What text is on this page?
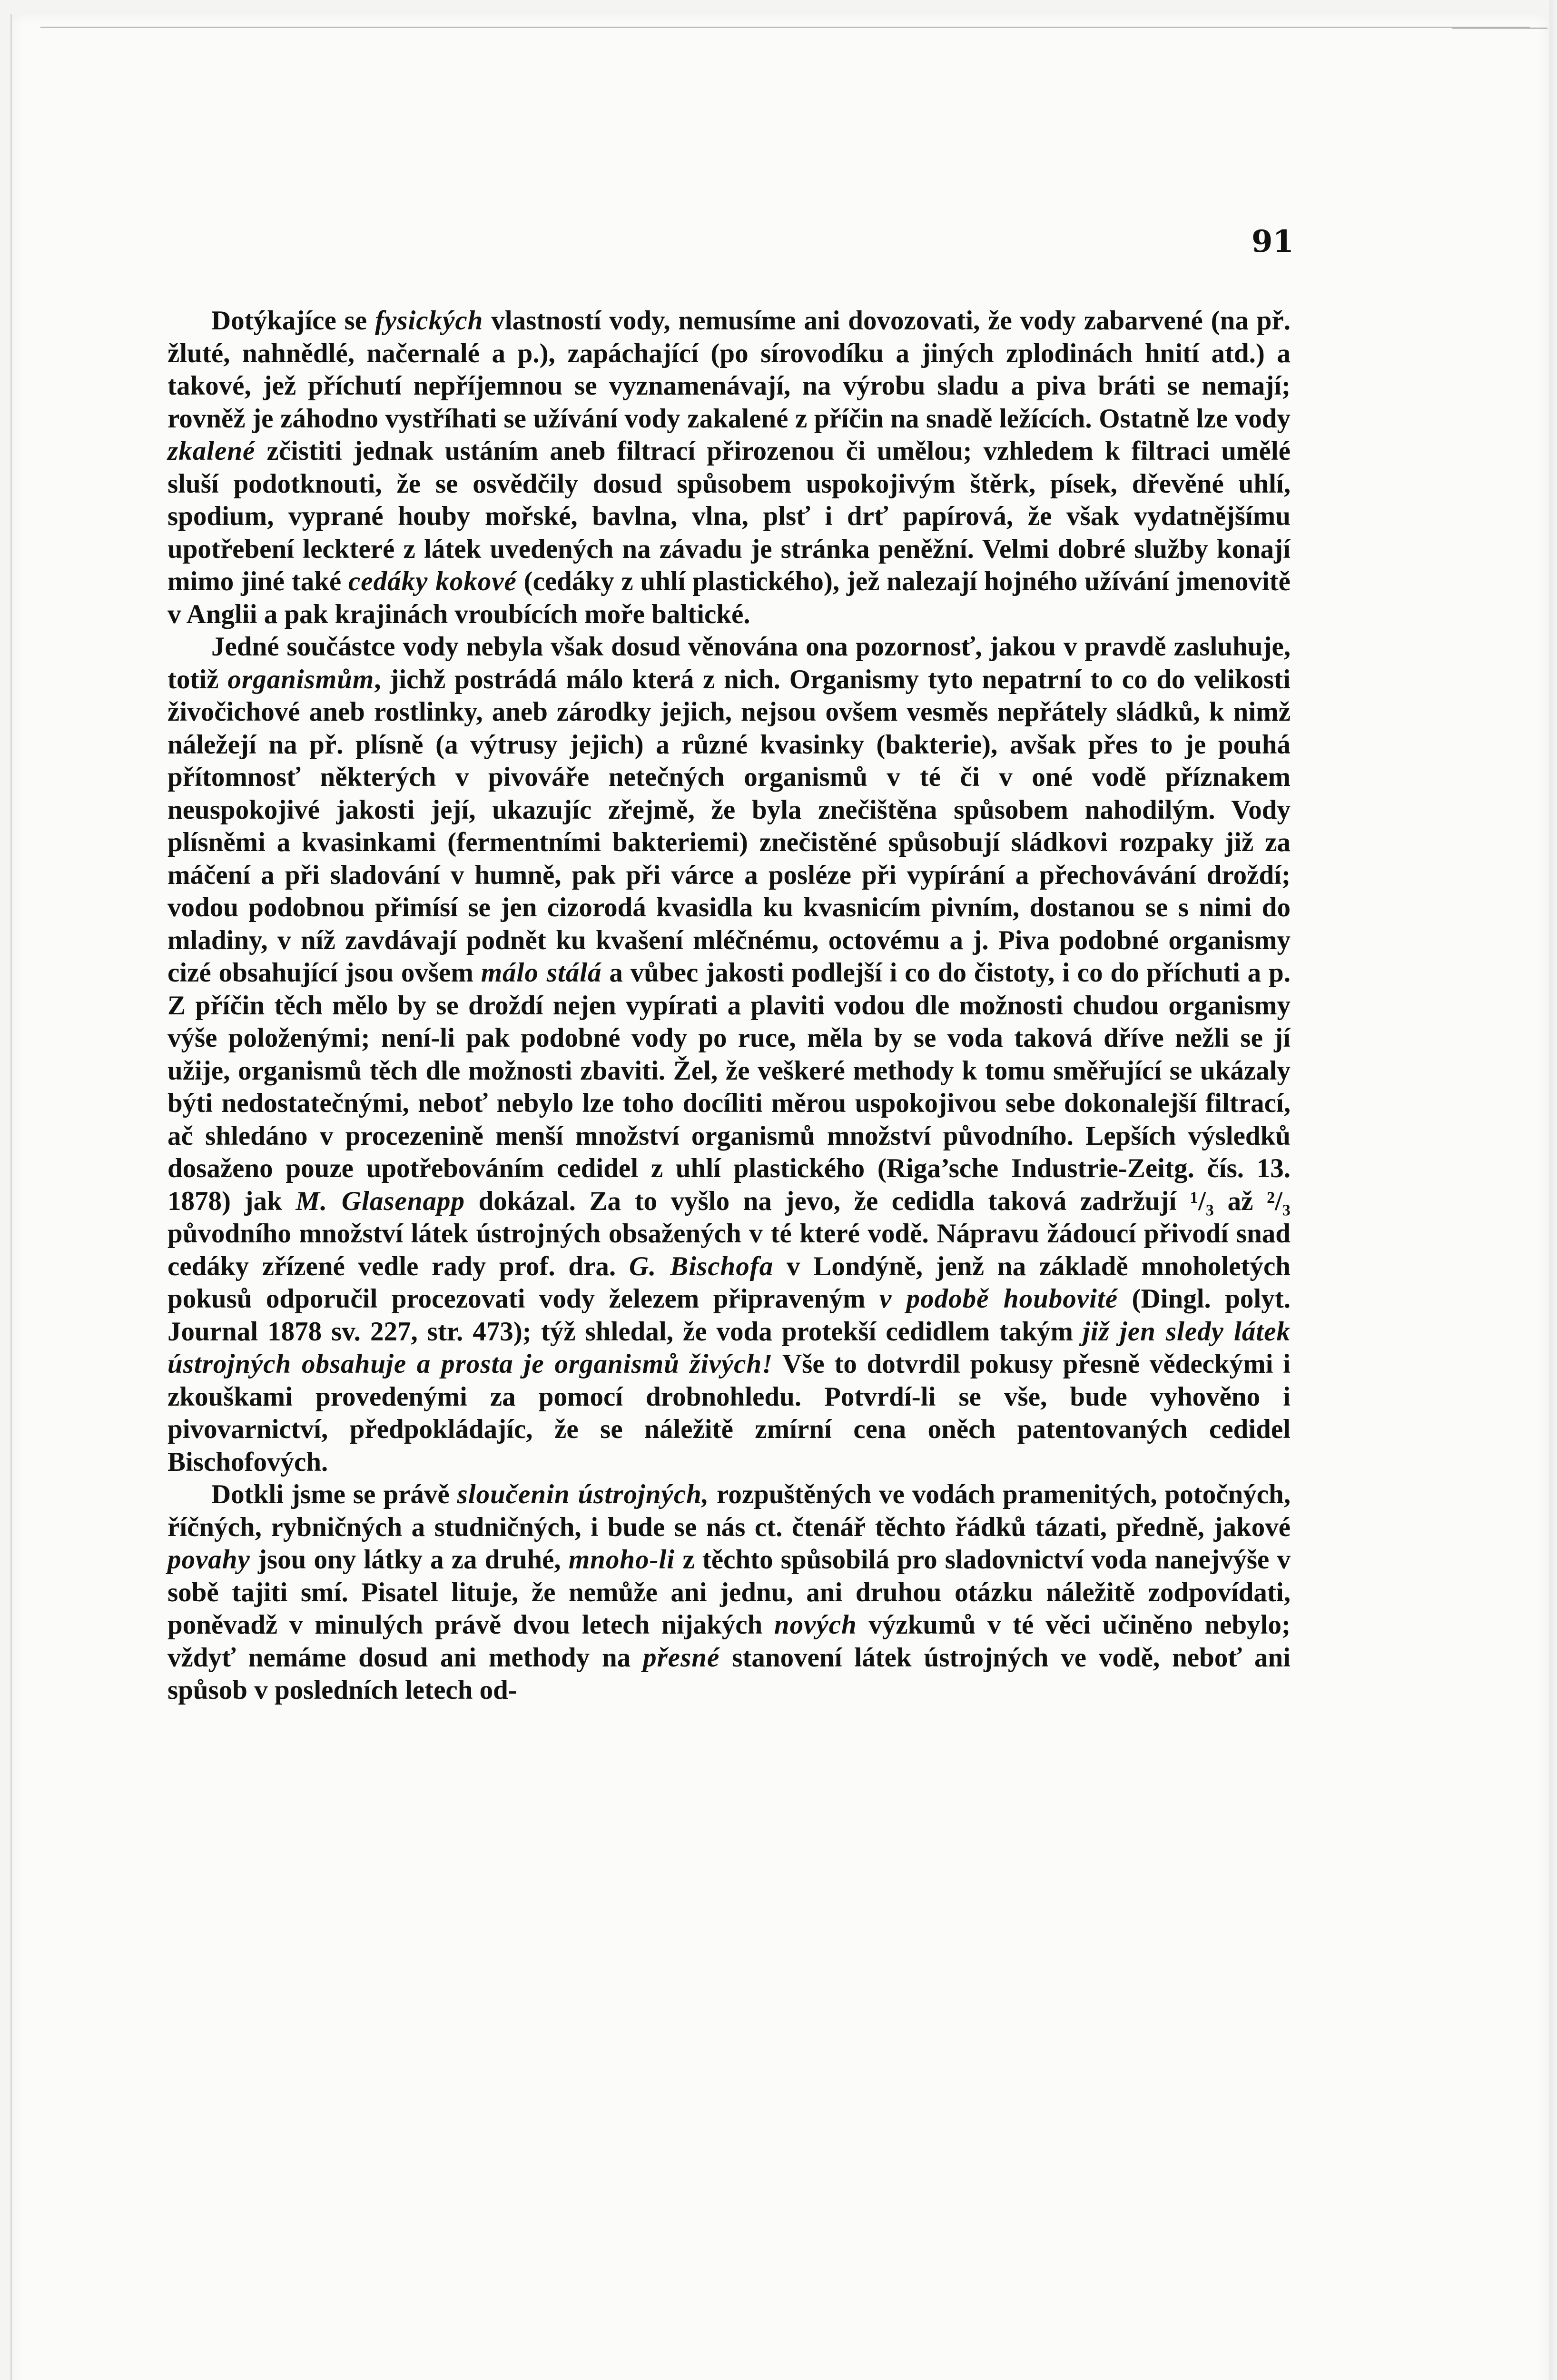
91

Dotýkajíce se fysických vlastností vody, nemusíme ani dovozovati, že vody zabarvené (na př. žluté, nahnědlé, načernalé a p.), zapáchající (po sírovodíku a jiných zplodinách hnití atd.) a takové, jež příchutí nepříjemnou se vyznamenávají, na výrobu sladu a piva bráti se nemají; rovněž je záhodno vystříhati se užívání vody zakalené z příčin na snadě ležících. Ostatně lze vody zkalené zčistiti jednak ustáním aneb filtrací přirozenou či umělou; vzhledem k filtraci umělé sluší podotknouti, že se osvědčily dosud spůsobem uspokojivým štěrk, písek, dřevěné uhlí, spodium, vyprané houby mořské, bavlna, vlna, plsť i drť papírová, že však vydatnějšímu upotřebení leckteré z látek uvedených na závadu je stránka peněžní. Velmi dobré služby konají mimo jiné také cedáky kokové (cedáky z uhlí plastického), jež nalezají hojného užívání jmenovitě v Anglii a pak krajinách vroubících moře baltické.

Jedné součástce vody nebyla však dosud věnována ona pozornosť, jakou v pravdě zasluhuje, totiž organismům, jichž postrádá málo která z nich. Organismy tyto nepatrní to co do velikosti živočichové aneb rostlinky, aneb zárodky jejich, nejsou ovšem vesměs nepřátely sládků, k nimž náležejí na př. plísně (a výtrusy jejich) a různé kvasinky (bakterie), avšak přes to je pouhá přítomnosť některých v pivováře netečných organismů v té či v oné vodě příznakem neuspokojivé jakosti její, ukazujíc zřejmě, že byla znečištěna spůsobem nahodilým. Vody plísněmi a kvasinkami (fermentními bakteriemi) znečistěné spůsobují sládkovi rozpaky již za máčení a při sladování v humně, pak při várce a posléze při vypírání a přechovávání droždí; vodou podobnou přimísí se jen cizorodá kvasidla ku kvasnicím pivním, dostanou se s nimi do mladiny, v níž zavdávají podnět ku kvašení mléčnému, octovému a j. Piva podobné organismy cizé obsahující jsou ovšem málo stálá a vůbec jakosti podlejší i co do čistoty, i co do příchuti a p. Z příčin těch mělo by se droždí nejen vypírati a plaviti vodou dle možnosti chudou organismy výše položenými; není-li pak podobné vody po ruce, měla by se voda taková dříve nežli se jí užije, organismů těch dle možnosti zbaviti. Žel, že veškeré methody k tomu směřující se ukázaly býti nedostatečnými, neboť nebylo lze toho docíliti měrou uspokojivou sebe dokonalejší filtrací, ač shledáno v procezenině menší množství organismů množství původního. Lepších výsledků dosaženo pouze upotřebováním cedidel z uhlí plastického (Riga’sche Industrie-Zeitg. čís. 13. 1878) jak M. Glasenapp dokázal. Za to vyšlo na jevo, že cedidla taková zadržují ¹/₃ až ²/₃ původního množství látek ústrojných obsažených v té které vodě. Nápravu žádoucí přivodí snad cedáky zřízené vedle rady prof. dra. G. Bischofa v Londýně, jenž na základě mnoholetých pokusů odporučil procezovati vody železem připraveným v podobě houbovité (Dingl. polyt. Journal 1878 sv. 227, str. 473); týž shledal, že voda protekší cedidlem takým již jen sledy látek ústrojných obsahuje a prosta je organismů živých! Vše to dotvrdil pokusy přesně vědeckými i zkouškami provedenými za pomocí drobnohledu. Potvrdí-li se vše, bude vyhověno i pivovarnictví, předpokládajíc, že se náležitě zmírní cena oněch patentovaných cedidel Bischofových.

Dotkli jsme se právě sloučenin ústrojných, rozpuštěných ve vodách pramenitých, potočných, říčných, rybničných a studničných, i bude se nás ct. čtenář těchto řádků tázati, předně, jakové povahy jsou ony látky a za druhé, mnoho-li z těchto spůsobilá pro sladovnictví voda nanejvýše v sobě tajiti smí. Pisatel lituje, že nemůže ani jednu, ani druhou otázku náležitě zodpovídati, poněvadž v minulých právě dvou letech nijakých nových výzkumů v té věci učiněno nebylo; vždyť nemáme dosud ani methody na přesné stanovení látek ústrojných ve vodě, neboť ani spůsob v posledních letech od-
